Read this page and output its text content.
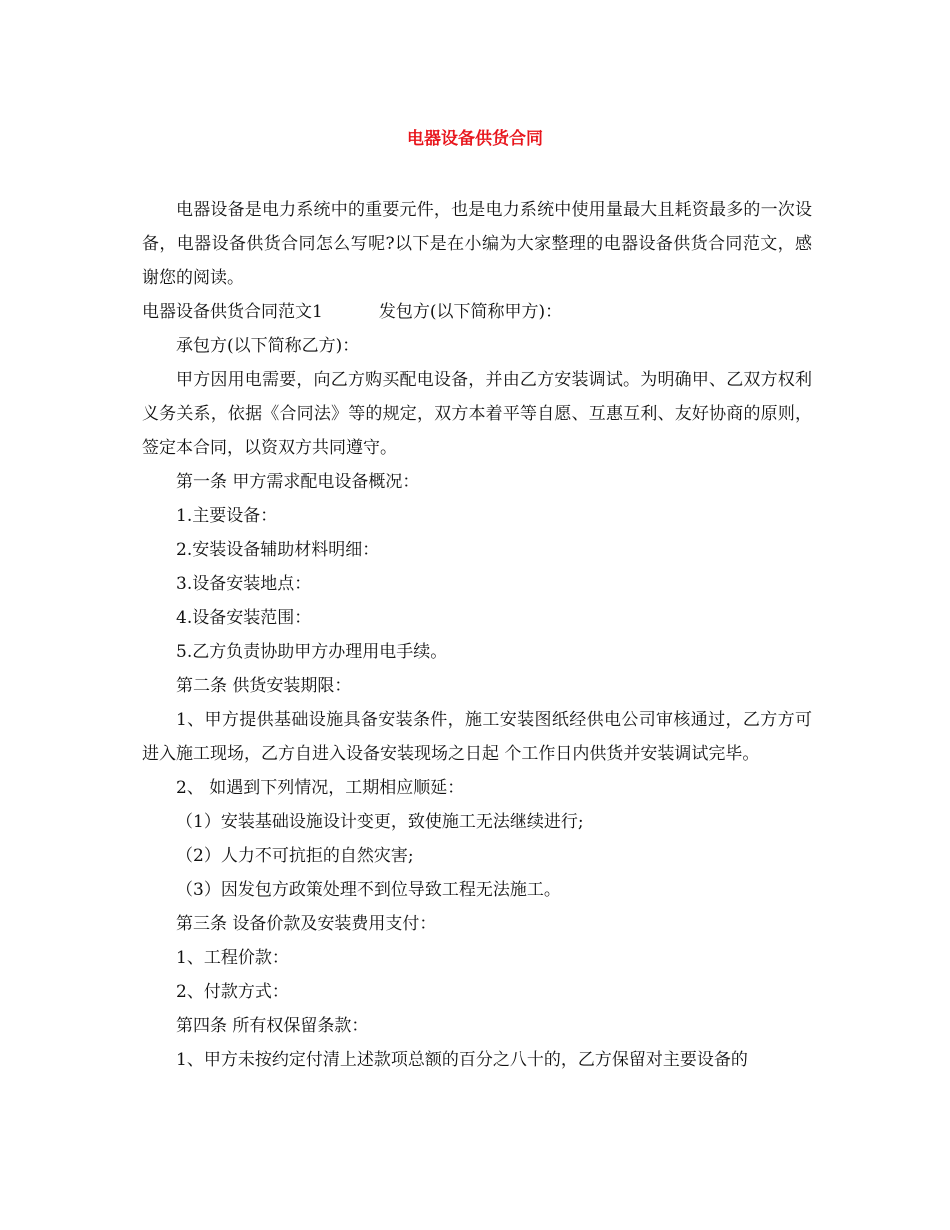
电器设备供货合同

电器设备是电力系统中的重要元件，也是电力系统中使用量最大且耗资最多的一次设备，电器设备供货合同怎么写呢?以下是在小编为大家整理的电器设备供货合同范文，感谢您的阅读。

电器设备供货合同范文1	发包方(以下简称甲方)：

承包方(以下简称乙方)：

甲方因用电需要，向乙方购买配电设备，并由乙方安装调试。为明确甲、乙双方权利义务关系，依据《合同法》等的规定，双方本着平等自愿、互惠互利、友好协商的原则，签定本合同，以资双方共同遵守。

第一条 甲方需求配电设备概况：

1.主要设备：

2.安装设备辅助材料明细：

3.设备安装地点：

4.设备安装范围：

5.乙方负责协助甲方办理用电手续。

第二条 供货安装期限：

1、甲方提供基础设施具备安装条件，施工安装图纸经供电公司审核通过，乙方方可进入施工现场，乙方自进入设备安装现场之日起 个工作日内供货并安装调试完毕。

2、 如遇到下列情况，工期相应顺延：

（1）安装基础设施设计变更，致使施工无法继续进行;

（2）人力不可抗拒的自然灾害;

（3）因发包方政策处理不到位导致工程无法施工。

第三条 设备价款及安装费用支付：

1、工程价款：

2、付款方式：

第四条 所有权保留条款：

1、甲方未按约定付清上述款项总额的百分之八十的，乙方保留对主要设备的
